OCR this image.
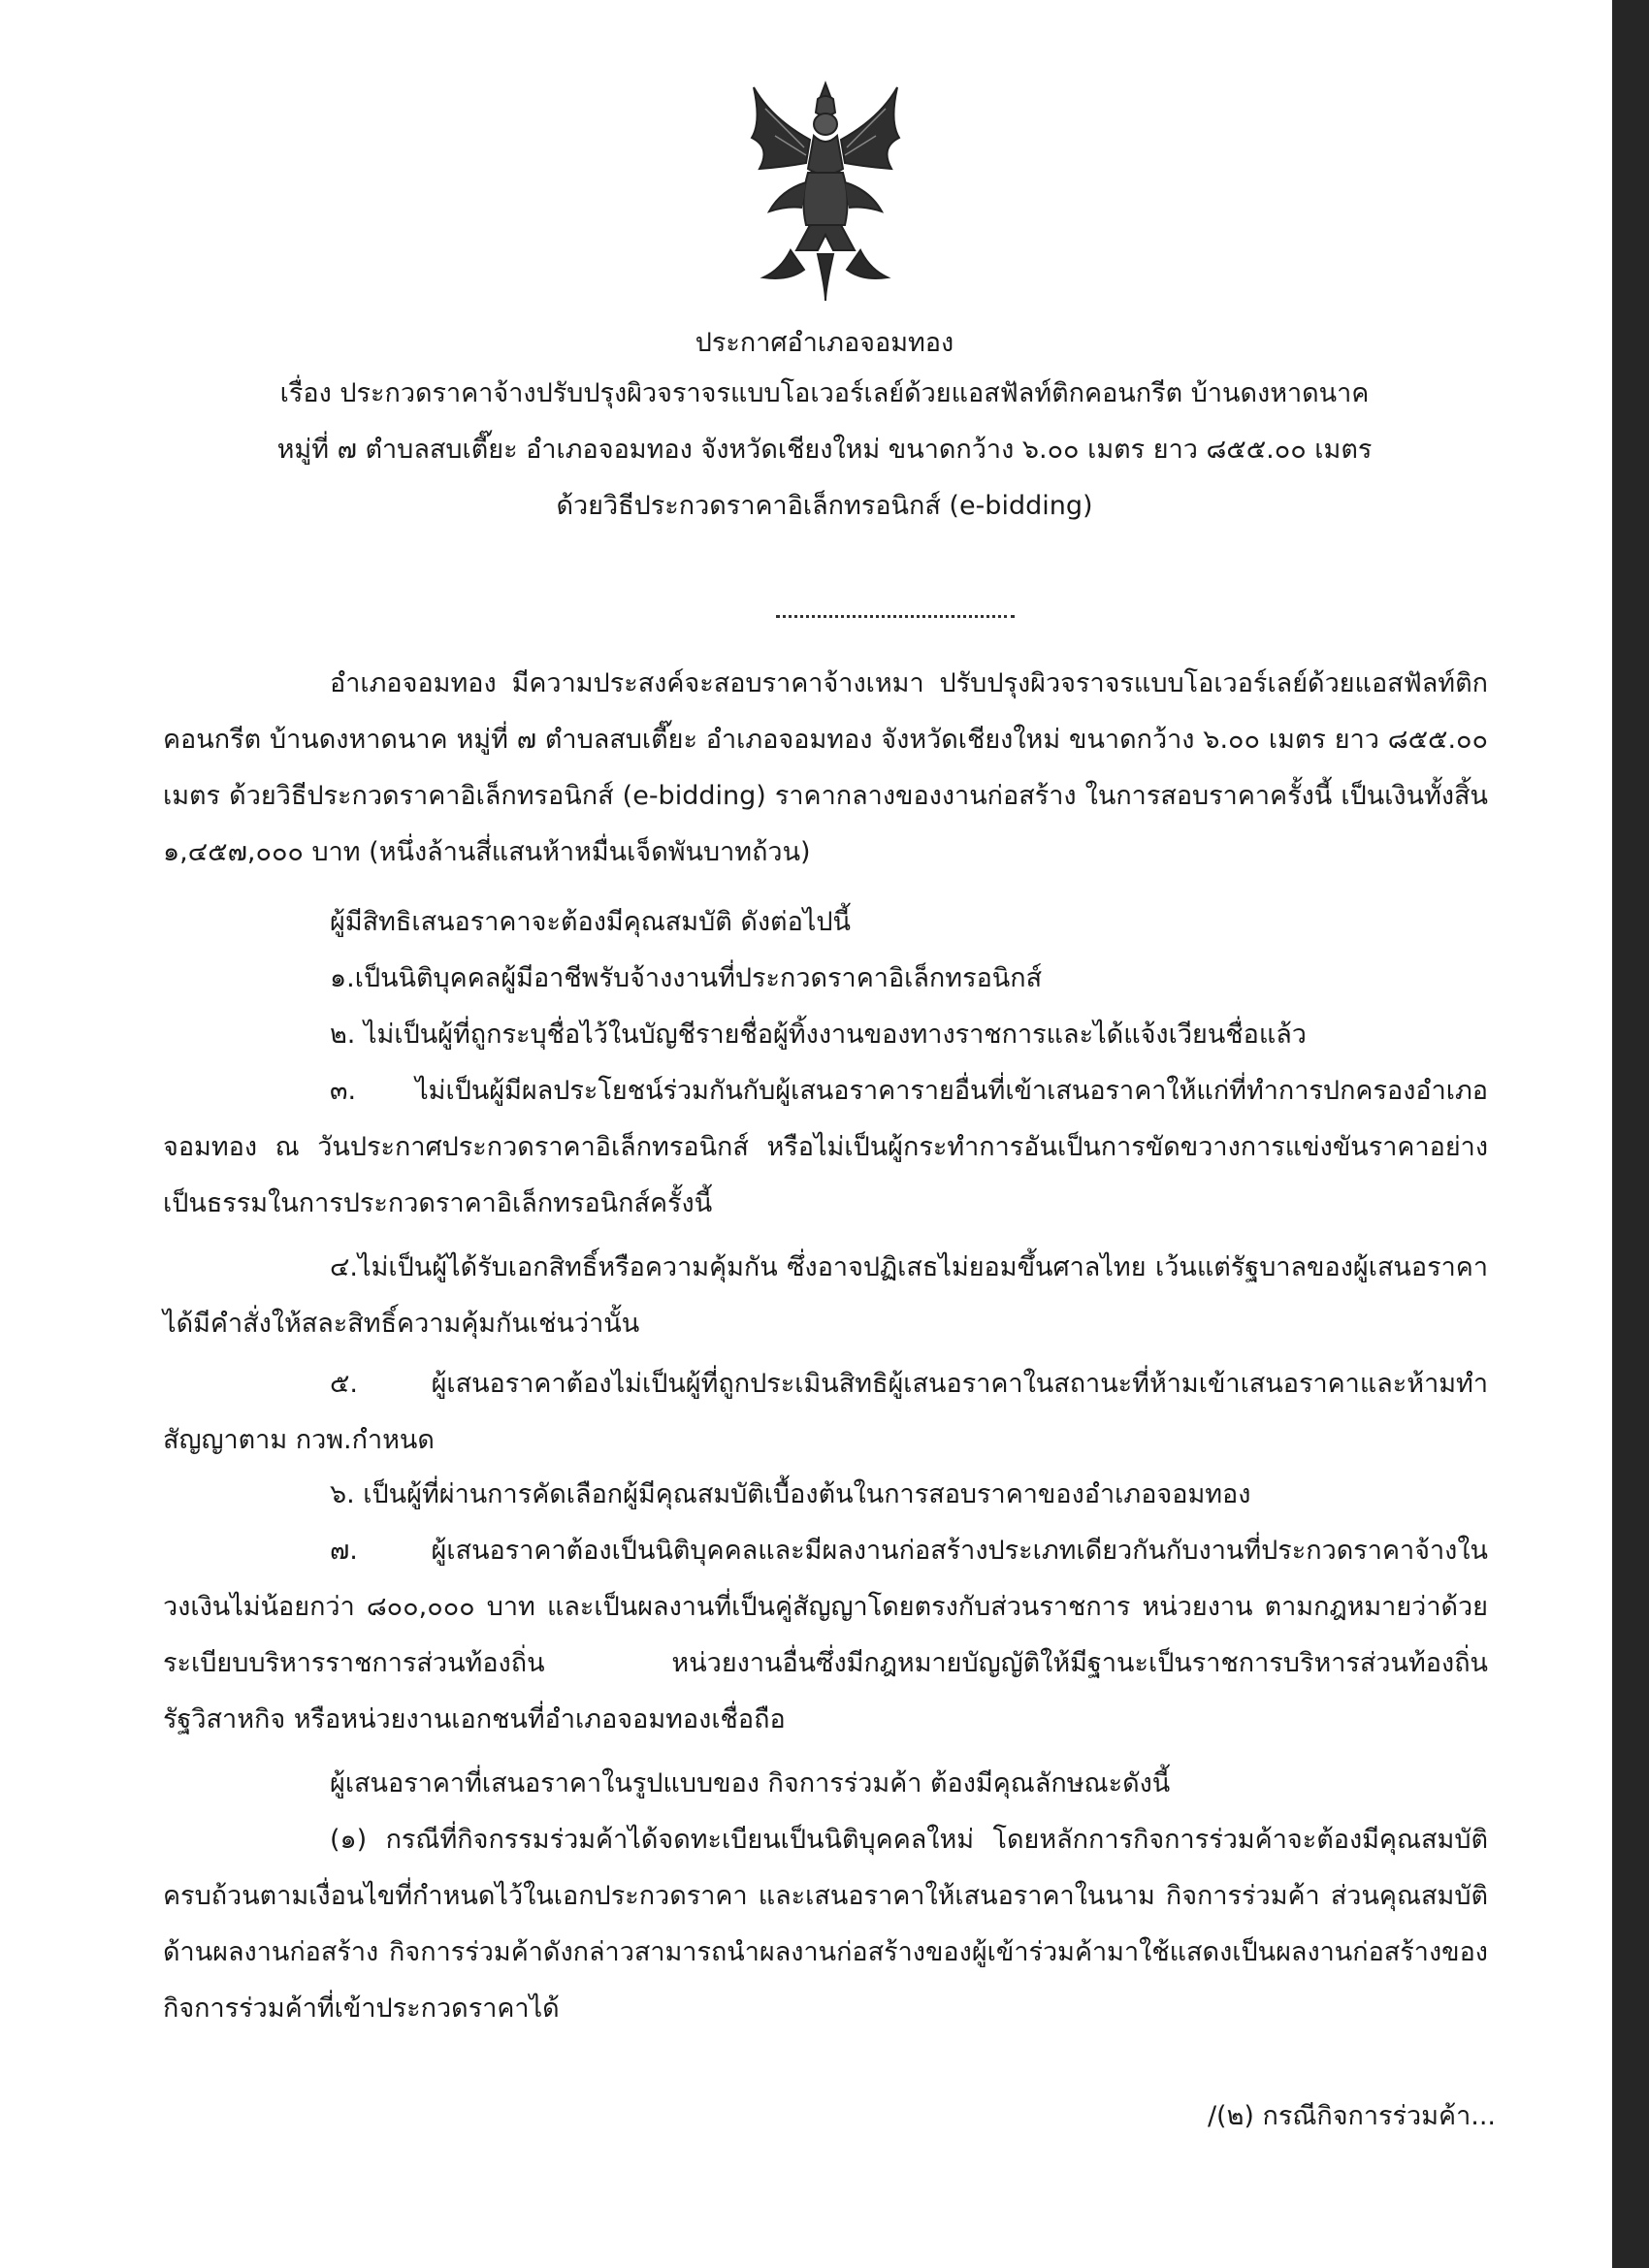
ประกาศอำเภอจอมทอง
เรื่อง ประกวดราคาจ้างปรับปรุงผิวจราจรแบบโอเวอร์เลย์ด้วยแอสฟัลท์ติกคอนกรีต บ้านดงหาดนาค
หมู่ที่ ๗ ตำบลสบเตี๊ยะ อำเภอจอมทอง จังหวัดเชียงใหม่ ขนาดกว้าง ๖.๐๐ เมตร ยาว ๘๕๕.๐๐ เมตร
ด้วยวิธีประกวดราคาอิเล็กทรอนิกส์ (e-bidding)
อำเภอจอมทอง มีความประสงค์จะสอบราคาจ้างเหมา ปรับปรุงผิวจราจรแบบโอเวอร์เลย์ด้วยแอสฟัลท์ติกคอนกรีต บ้านดงหาดนาค หมู่ที่ ๗ ตำบลสบเตี๊ยะ อำเภอจอมทอง จังหวัดเชียงใหม่ ขนาดกว้าง ๖.๐๐ เมตร ยาว ๘๕๕.๐๐ เมตร ด้วยวิธีประกวดราคาอิเล็กทรอนิกส์ (e-bidding) ราคากลางของงานก่อสร้าง ในการสอบราคาครั้งนี้ เป็นเงินทั้งสิ้น ๑,๔๕๗,๐๐๐ บาท (หนึ่งล้านสี่แสนห้าหมื่นเจ็ดพันบาทถ้วน)
ผู้มีสิทธิเสนอราคาจะต้องมีคุณสมบัติ ดังต่อไปนี้
๑.เป็นนิติบุคคลผู้มีอาชีพรับจ้างงานที่ประกวดราคาอิเล็กทรอนิกส์
๒. ไม่เป็นผู้ที่ถูกระบุชื่อไว้ในบัญชีรายชื่อผู้ทิ้งงานของทางราชการและได้แจ้งเวียนชื่อแล้ว
๓. ไม่เป็นผู้มีผลประโยชน์ร่วมกันกับผู้เสนอราคารายอื่นที่เข้าเสนอราคาให้แก่ที่ทำการปกครองอำเภอจอมทอง ณ วันประกาศประกวดราคาอิเล็กทรอนิกส์ หรือไม่เป็นผู้กระทำการอันเป็นการขัดขวางการแข่งขันราคาอย่างเป็นธรรมในการประกวดราคาอิเล็กทรอนิกส์ครั้งนี้
๔.ไม่เป็นผู้ได้รับเอกสิทธิ์หรือความคุ้มกัน ซึ่งอาจปฏิเสธไม่ยอมขึ้นศาลไทย เว้นแต่รัฐบาลของผู้เสนอราคาได้มีคำสั่งให้สละสิทธิ์ความคุ้มกันเช่นว่านั้น
๕. ผู้เสนอราคาต้องไม่เป็นผู้ที่ถูกประเมินสิทธิผู้เสนอราคาในสถานะที่ห้ามเข้าเสนอราคาและห้ามทำสัญญาตาม กวพ.กำหนด
๖. เป็นผู้ที่ผ่านการคัดเลือกผู้มีคุณสมบัติเบื้องต้นในการสอบราคาของอำเภอจอมทอง
๗. ผู้เสนอราคาต้องเป็นนิติบุคคลและมีผลงานก่อสร้างประเภทเดียวกันกับงานที่ประกวดราคาจ้างในวงเงินไม่น้อยกว่า ๘๐๐,๐๐๐ บาท และเป็นผลงานที่เป็นคู่สัญญาโดยตรงกับส่วนราชการ หน่วยงาน ตามกฎหมายว่าด้วยระเบียบบริหารราชการส่วนท้องถิ่น หน่วยงานอื่นซึ่งมีกฎหมายบัญญัติให้มีฐานะเป็นราชการบริหารส่วนท้องถิ่น รัฐวิสาหกิจ หรือหน่วยงานเอกชนที่อำเภอจอมทองเชื่อถือ
ผู้เสนอราคาที่เสนอราคาในรูปแบบของ กิจการร่วมค้า ต้องมีคุณลักษณะดังนี้
(๑) กรณีที่กิจกรรมร่วมค้าได้จดทะเบียนเป็นนิติบุคคลใหม่ โดยหลักการกิจการร่วมค้าจะต้องมีคุณสมบัติครบถ้วนตามเงื่อนไขที่กำหนดไว้ในเอกประกวดราคา และเสนอราคาให้เสนอราคาในนาม กิจการร่วมค้า ส่วนคุณสมบัติด้านผลงานก่อสร้าง กิจการร่วมค้าดังกล่าวสามารถนำผลงานก่อสร้างของผู้เข้าร่วมค้ามาใช้แสดงเป็นผลงานก่อสร้างของกิจการร่วมค้าที่เข้าประกวดราคาได้
/(๒) กรณีกิจการร่วมค้า...
